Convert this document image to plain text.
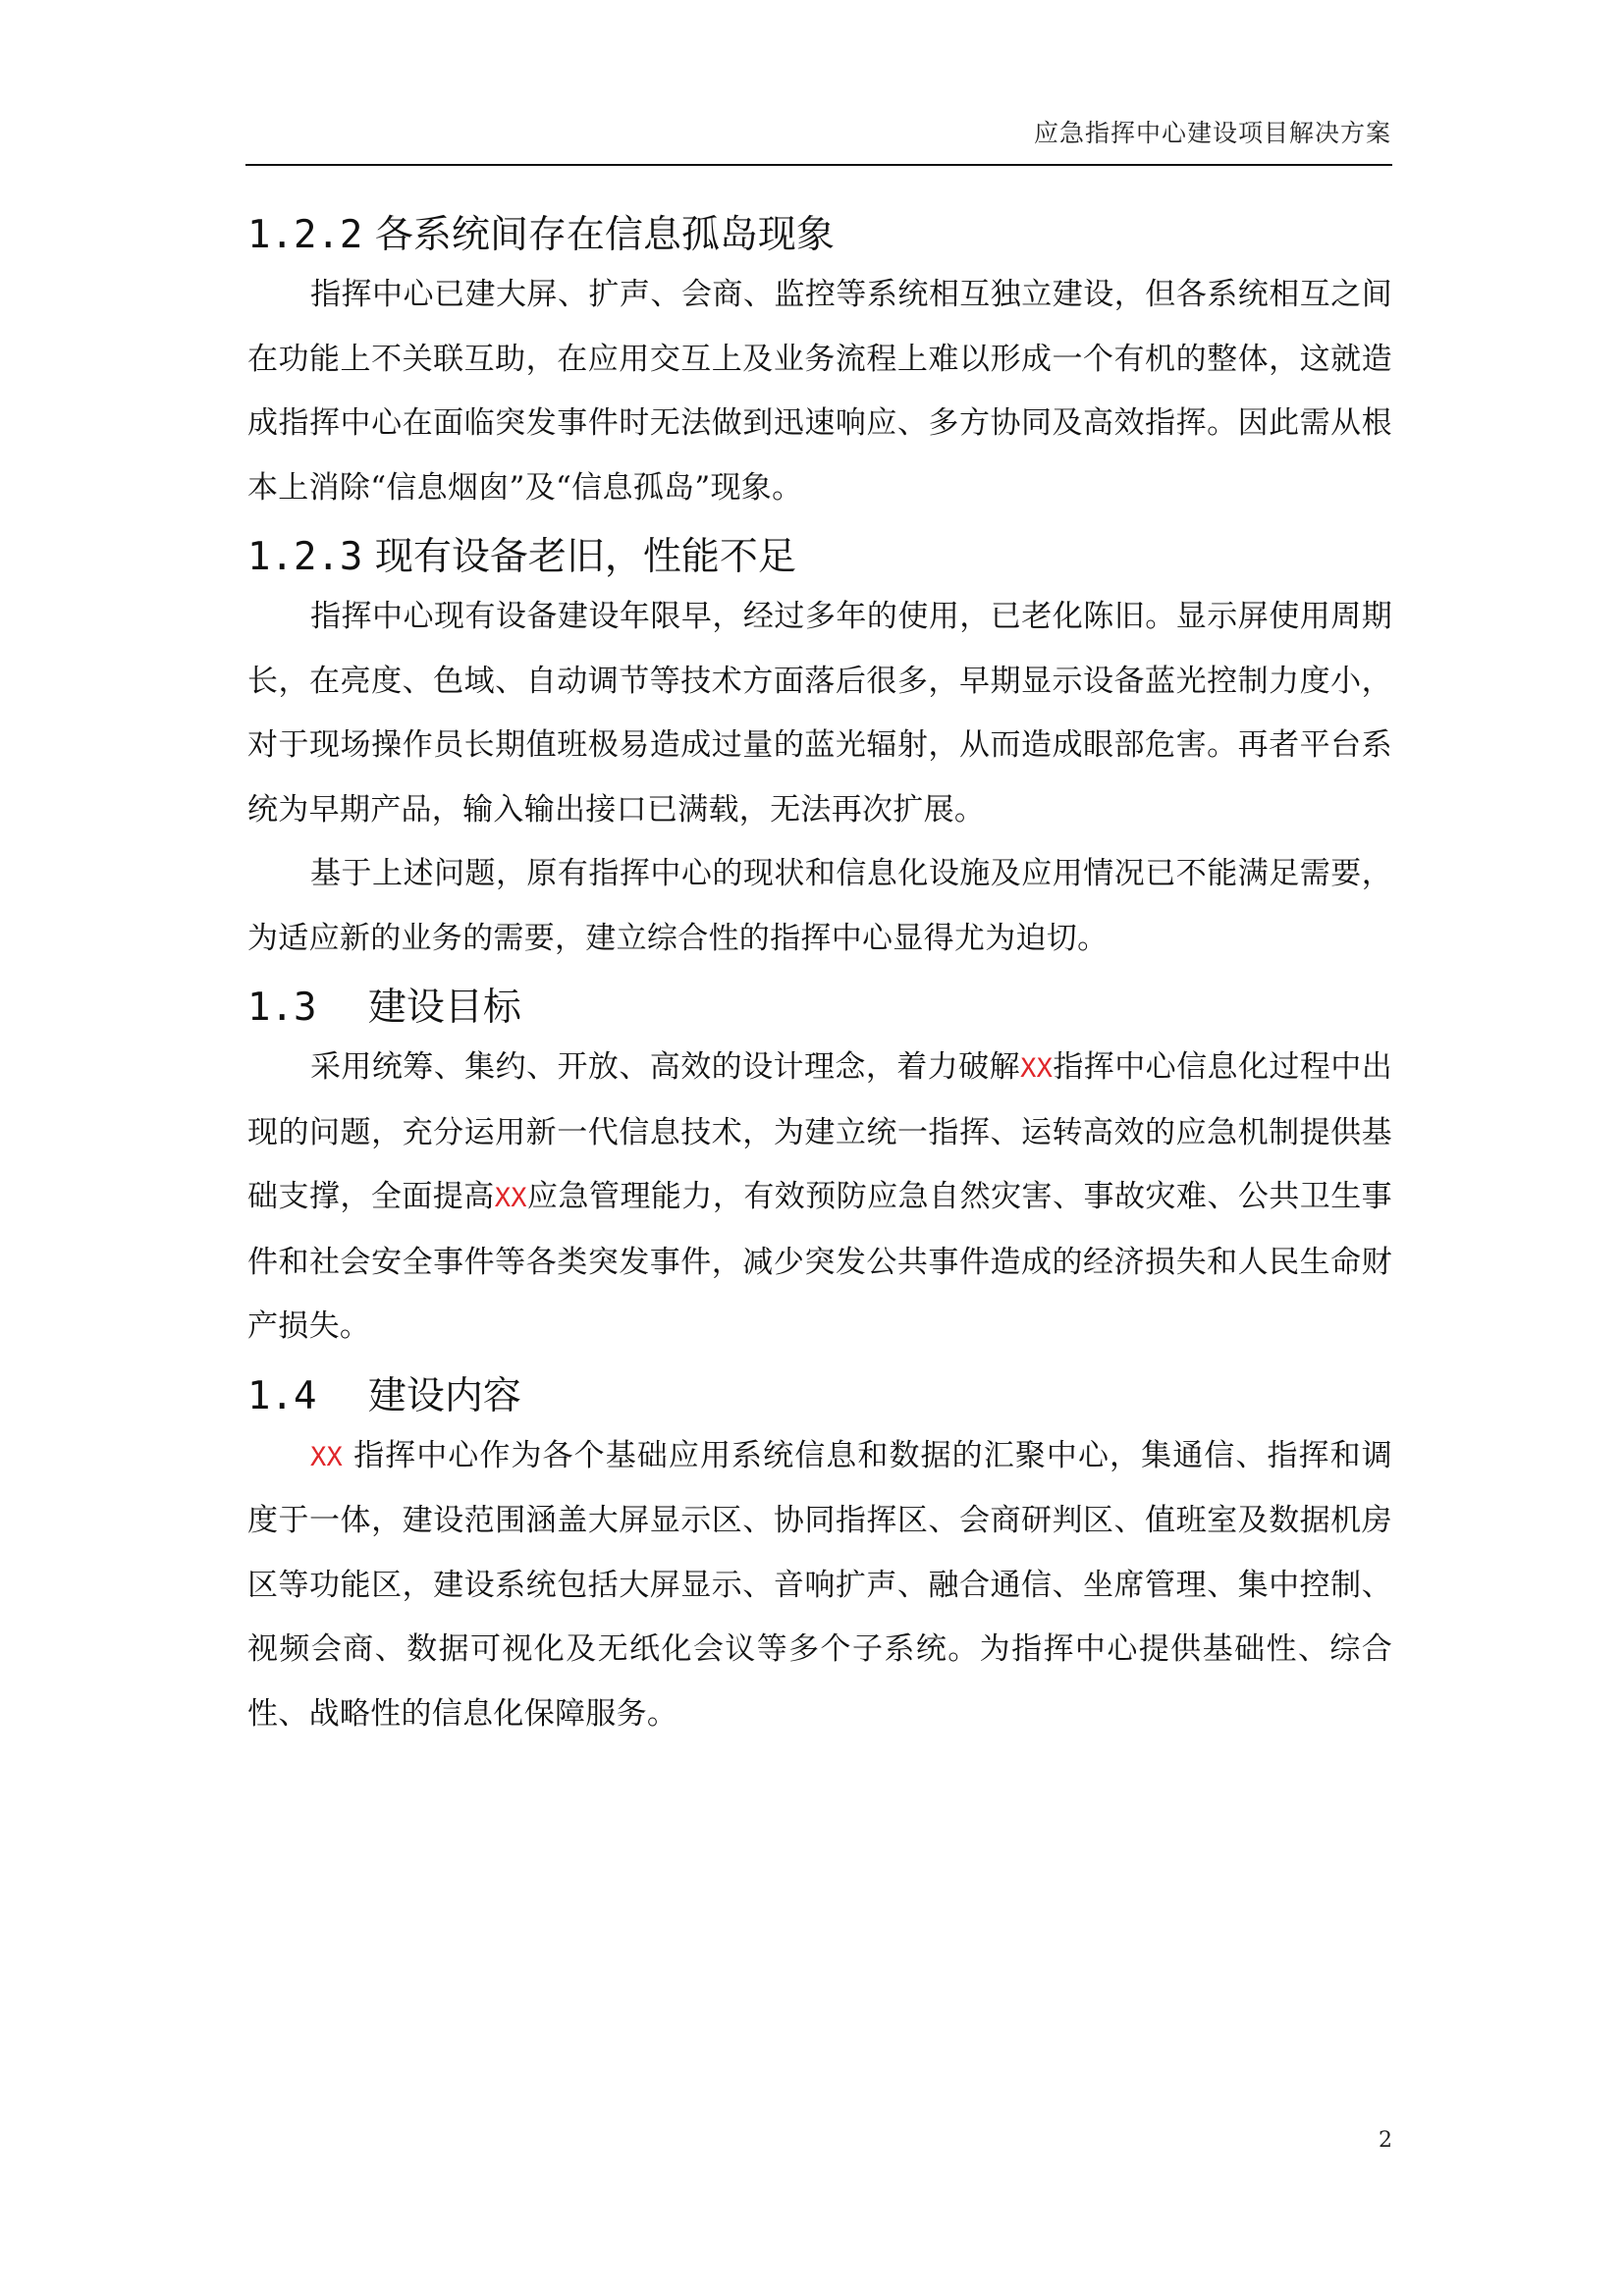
应急指挥中心建设项目解决方案
1.2.2 各系统间存在信息孤岛现象

指挥中心已建大屏、扩声、会商、监控等系统相互独立建设，但各系统相互之间在功能上不关联互助，在应用交互上及业务流程上难以形成一个有机的整体，这就造成指挥中心在面临突发事件时无法做到迅速响应、多方协同及高效指挥。因此需从根本上消除“信息烟囱”及“信息孤岛”现象。

1.2.3 现有设备老旧，性能不足

指挥中心现有设备建设年限早，经过多年的使用，已老化陈旧。显示屏使用周期长，在亮度、色域、自动调节等技术方面落后很多，早期显示设备蓝光控制力度小，对于现场操作员长期值班极易造成过量的蓝光辐射，从而造成眼部危害。再者平台系统为早期产品，输入输出接口已满载，无法再次扩展。

基于上述问题，原有指挥中心的现状和信息化设施及应用情况已不能满足需要，为适应新的业务的需要，建立综合性的指挥中心显得尤为迫切。

1.3 建设目标

采用统筹、集约、开放、高效的设计理念，着力破解XX指挥中心信息化过程中出现的问题，充分运用新一代信息技术，为建立统一指挥、运转高效的应急机制提供基础支撑，全面提高XX应急管理能力，有效预防应急自然灾害、事故灾难、公共卫生事件和社会安全事件等各类突发事件，减少突发公共事件造成的经济损失和人民生命财产损失。

1.4 建设内容

XX 指挥中心作为各个基础应用系统信息和数据的汇聚中心，集通信、指挥和调度于一体，建设范围涵盖大屏显示区、协同指挥区、会商研判区、值班室及数据机房区等功能区，建设系统包括大屏显示、音响扩声、融合通信、坐席管理、集中控制、视频会商、数据可视化及无纸化会议等多个子系统。为指挥中心提供基础性、综合性、战略性的信息化保障服务。

2
